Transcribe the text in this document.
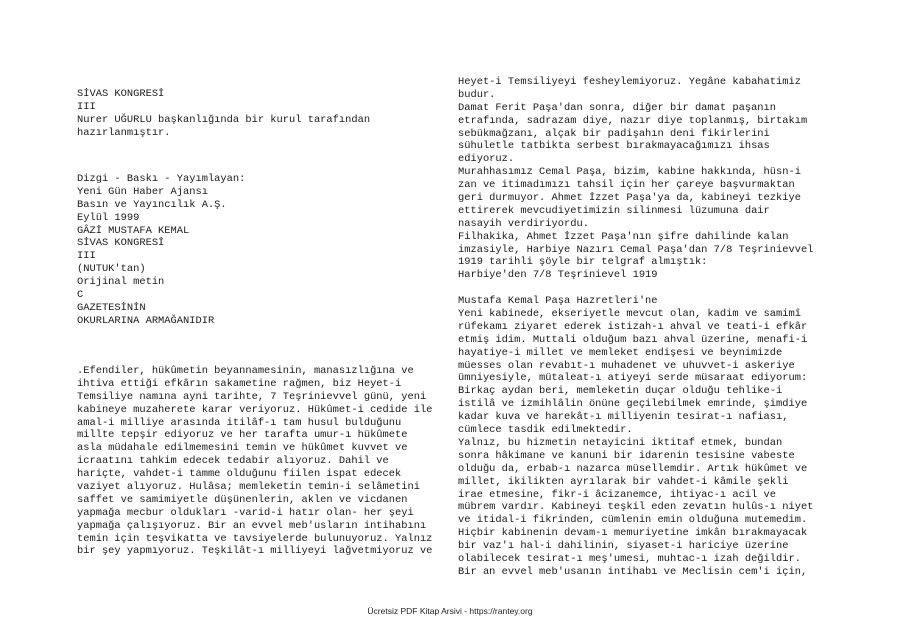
SİVAS KONGRESİ
III
Nurer UĞURLU başkanlığında bir kurul tarafından
hazırlanmıştır.
Dizgi - Baskı - Yayımlayan:
Yeni Gün Haber Ajansı
Basın ve Yayıncılık A.Ş.
Eylül 1999
GÂZİ MUSTAFA KEMAL
SİVAS KONGRESİ
III
(NUTUK'tan)
Orijinal metin
C
GAZETESİNİN
OKURLARINA ARMAĞANIDIR
.Efendiler, hükûmetin beyannamesinin, manasızlığına ve
ihtiva ettiği efkârın sakametine rağmen, biz Heyet-i
Temsiliye namına ayni tarihte, 7 Teşrinievvel günü, yeni
kabineye muzaherete karar veriyoruz. Hükûmet-i cedide ile
amal-i milliye arasında itilâf-ı tam husul bulduğunu
millte tepşir ediyoruz ve her tarafta umur-ı hükûmete
asla müdahale edilmemesini temin ve hükûmet kuvvet ve
icraatını tahkim edecek tedabir alıyoruz. Dahil ve
hariçte, vahdet-i tamme olduğunu fiilen ispat edecek
vaziyet alıyoruz. Hulâsa; memleketin temin-i selâmetini
saffet ve samimiyetle düşünenlerin, aklen ve vicdanen
yapmağa mecbur oldukları -varid-i hatır olan- her şeyi
yapmağa çalışıyoruz. Bir an evvel meb'usların intihabını
temin için teşvikatta ve tavsiyelerde bulunuyoruz. Yalnız
bir şey yapmıyoruz. Teşkilât-ı milliyeyi lağvetmiyoruz ve
Heyet-i Temsiliyeyi fesheylemiyoruz. Yegâne kabahatimiz
budur.
Damat Ferit Paşa'dan sonra, diğer bir damat paşanın
etrafında, sadrazam diye, nazır diye toplanmış, birtakım
sebükmağzanı, alçak bir padişahın deni fikirlerini
sühuletle tatbikta serbest bırakmayacağımızı ihsas
ediyoruz.
Murahhasımız Cemal Paşa, bizim, kabine hakkında, hüsn-i
zan ve itimadımızı tahsil için her çareye başvurmaktan
geri durmuyor. Ahmet İzzet Paşa'ya da, kabineyi tezkiye
ettirerek mevcudiyetimizin silinmesi lüzumuna dair
nasayih verdiriyordu.
Filhakika, Ahmet İzzet Paşa'nın şifre dahilinde kalan
imzasiyle, Harbiye Nazırı Cemal Paşa'dan 7/8 Teşrinievvel
1919 tarihli şöyle bir telgraf almıştık:
Harbiye'den 7/8 Teşrinievel 1919
Mustafa Kemal Paşa Hazretleri'ne
Yeni kabinede, ekseriyetle mevcut olan, kadim ve samimî
rüfekamı ziyaret ederek istizah-ı ahval ve teati-i efkâr
etmiş idim. Muttali olduğum bazı ahval üzerine, menafi-i
hayatiye-i millet ve memleket endişesi ve beynimizde
müesses olan revabıt-ı muhadenet ve uhuvvet-i askeriye
ümniyesiyle, mütaleat-ı atiyeyi serde müsaraat ediyorum:
Birkaç aydan beri, memleketin duçar olduğu tehlike-i
istilâ ve izmihlâlin önüne geçilebilmek emrinde, şimdiye
kadar kuva ve harekât-ı milliyenin tesirat-ı nafiası,
cümlece tasdik edilmektedir.
Yalnız, bu hizmetin netayicini iktitaf etmek, bundan
sonra hâkimane ve kanuni bir idarenin tesisine vabeste
olduğu da, erbab-ı nazarca müsellemdir. Artık hükûmet ve
millet, ikilikten ayrılarak bir vahdet-i kâmile şekli
irae etmesine, fikr-i âcizanemce, ihtiyac-ı acil ve
mübrem vardır. Kabineyi teşkil eden zevatın hulûs-ı niyet
ve itidal-i fikrinden, cümlenin emin olduğuna mutemedim.
Hiçbir kabinenin devam-ı memuriyetine imkân bırakmayacak
bir vaz'ı hal-i dahilinin, siyaset-i hariciye üzerine
olabilecek tesirat-ı meş'umesi, muhtac-ı izah değildir.
Bir an evvel meb'usanın intihabı ve Meclisin cem'i için,
Ücretsiz PDF Kitap Arsivi - https://rantey.org
